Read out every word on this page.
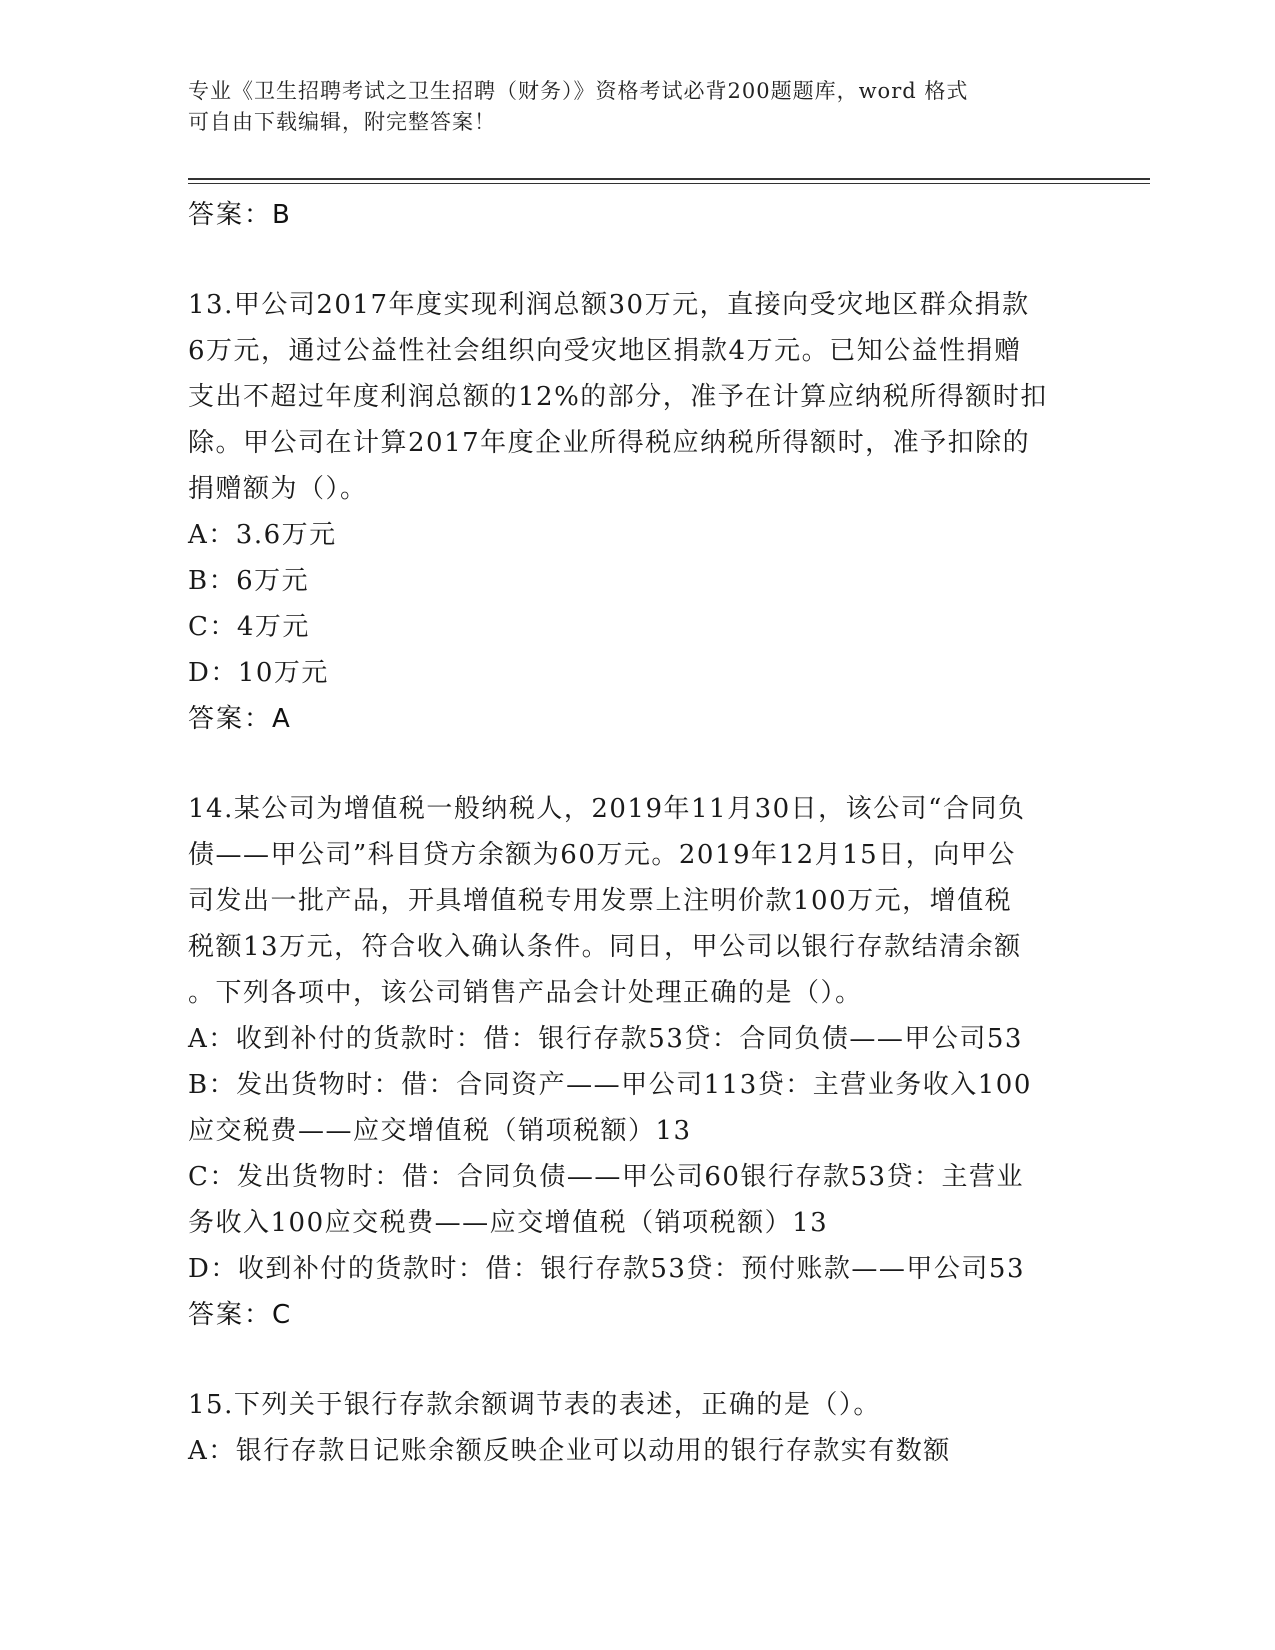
专业《卫生招聘考试之卫生招聘（财务）》资格考试必背200题题库，word 格式
可自由下载编辑，附完整答案！
答案：B
13.甲公司2017年度实现利润总额30万元，直接向受灾地区群众捐款
6万元，通过公益性社会组织向受灾地区捐款4万元。已知公益性捐赠
支出不超过年度利润总额的12%的部分，准予在计算应纳税所得额时扣
除。甲公司在计算2017年度企业所得税应纳税所得额时，准予扣除的
捐赠额为（）。
A：3.6万元
B：6万元
C：4万元
D：10万元
答案：A
14.某公司为增值税一般纳税人，2019年11月30日，该公司“合同负
债——甲公司”科目贷方余额为60万元。2019年12月15日，向甲公
司发出一批产品，开具增值税专用发票上注明价款100万元，增值税
税额13万元，符合收入确认条件。同日，甲公司以银行存款结清余额
。下列各项中，该公司销售产品会计处理正确的是（）。
A：收到补付的货款时：借：银行存款53贷：合同负债——甲公司53
B：发出货物时：借：合同资产——甲公司113贷：主营业务收入100
应交税费——应交增值税（销项税额）13
C：发出货物时：借：合同负债——甲公司60银行存款53贷：主营业
务收入100应交税费——应交增值税（销项税额）13
D：收到补付的货款时：借：银行存款53贷：预付账款——甲公司53
答案：C
15.下列关于银行存款余额调节表的表述，正确的是（）。
A：银行存款日记账余额反映企业可以动用的银行存款实有数额
